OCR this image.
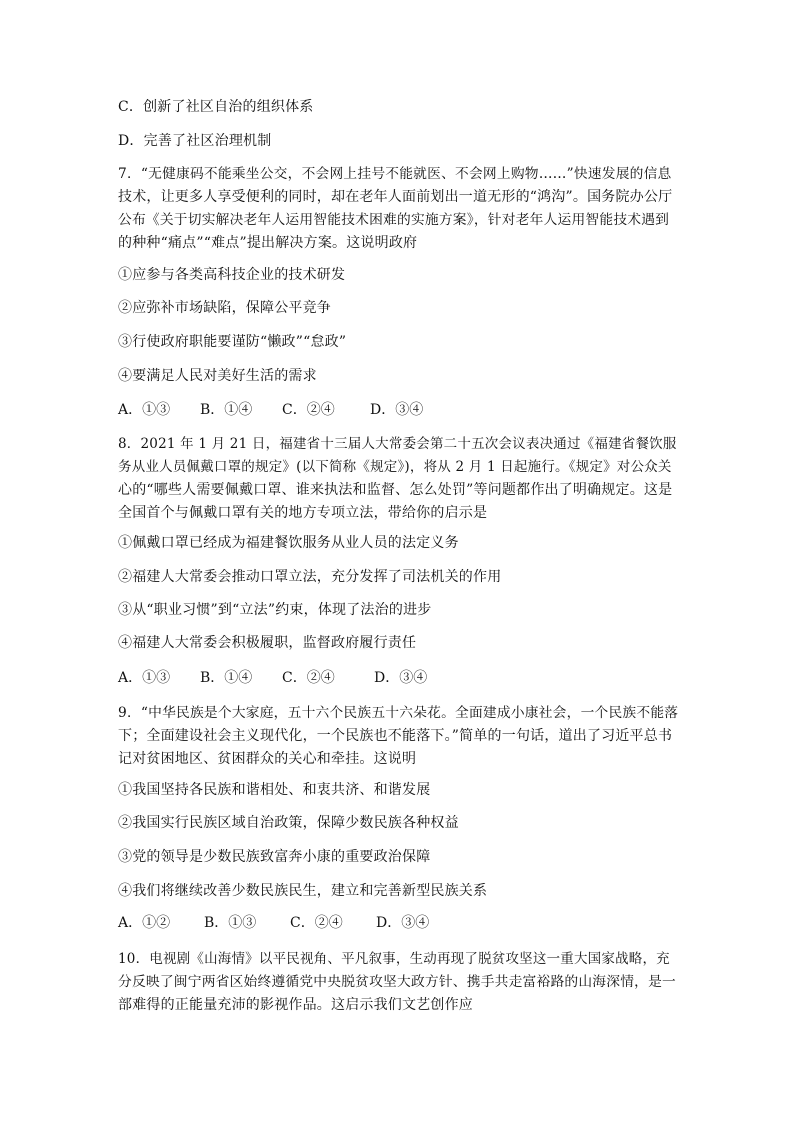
C．创新了社区自治的组织体系
D．完善了社区治理机制
7．“无健康码不能乘坐公交，不会网上挂号不能就医、不会网上购物……”快速发展的信息
技术，让更多人享受便利的同时，却在老年人面前划出一道无形的“鸿沟”。国务院办公厅
公布《关于切实解决老年人运用智能技术困难的实施方案》，针对老年人运用智能技术遇到
的种种“痛点”“难点”提出解决方案。这说明政府
①应参与各类高科技企业的技术研发
②应弥补市场缺陷，保障公平竞争
③行使政府职能要谨防“懒政”“怠政”
④要满足人民对美好生活的需求
A．①③ B．①④ C．②④	D．③④
8．2021 年 1 月 21 日，福建省十三届人大常委会第二十五次会议表决通过《福建省餐饮服
务从业人员佩戴口罩的规定》(以下简称《规定》)，将从 2 月 1 日起施行。《规定》对公众关
心的“哪些人需要佩戴口罩、谁来执法和监督、怎么处罚”等问题都作出了明确规定。这是
全国首个与佩戴口罩有关的地方专项立法，带给你的启示是
①佩戴口罩已经成为福建餐饮服务从业人员的法定义务
②福建人大常委会推动口罩立法，充分发挥了司法机关的作用
③从“职业习惯”到“立法”约束，体现了法治的进步
④福建人大常委会积极履职，监督政府履行责任
A．①③ B．①④ C．②④	D．③④
9．“中华民族是个大家庭，五十六个民族五十六朵花。全面建成小康社会，一个民族不能落
下；全面建设社会主义现代化，一个民族也不能落下。”简单的一句话，道出了习近平总书
记对贫困地区、贫困群众的关心和牵挂。这说明
①我国坚持各民族和谐相处、和衷共济、和谐发展
②我国实行民族区域自治政策，保障少数民族各种权益
③党的领导是少数民族致富奔小康的重要政治保障
④我们将继续改善少数民族民生，建立和完善新型民族关系
A．①② B．①③ C．②④ D．③④
10．电视剧《山海情》以平民视角、平凡叙事，生动再现了脱贫攻坚这一重大国家战略，充
分反映了闽宁两省区始终遵循党中央脱贫攻坚大政方针、携手共走富裕路的山海深情，是一
部难得的正能量充沛的影视作品。这启示我们文艺创作应
